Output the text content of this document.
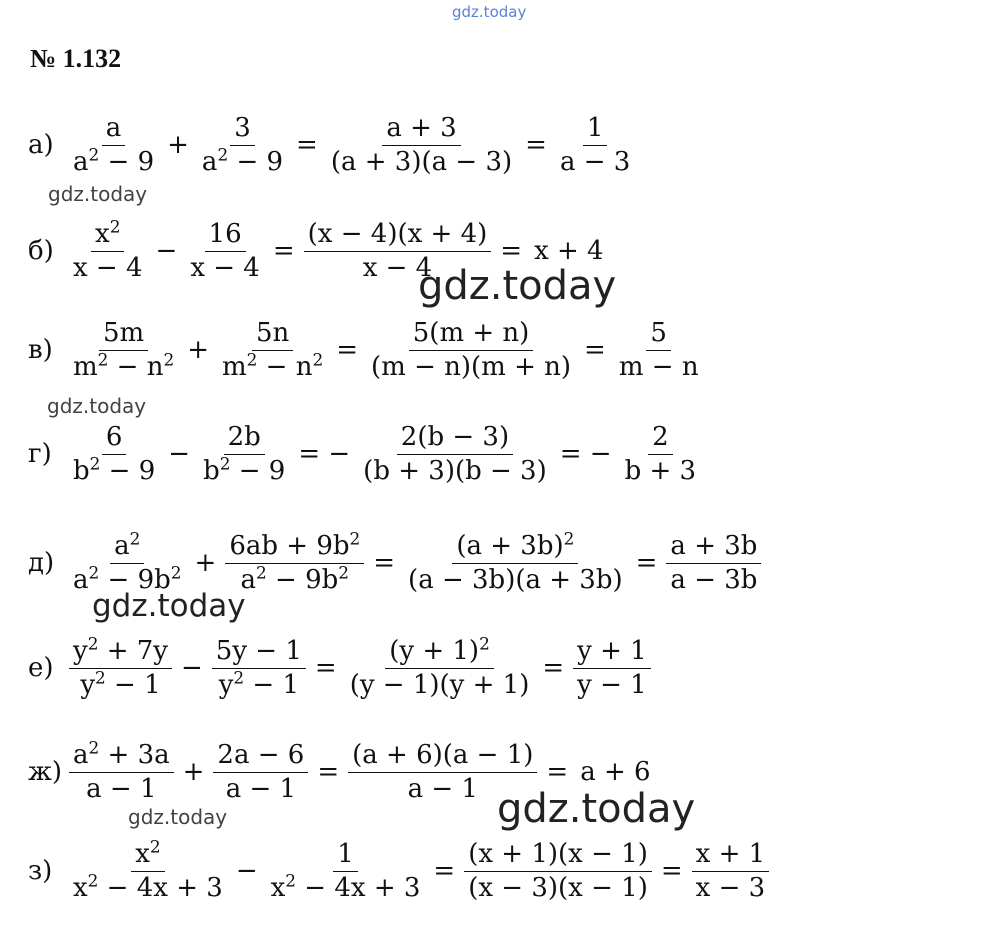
gdz.today
№ 1.132
$а) \frac{a}{a^2 - 9} + \frac{3}{a^2 - 9} = \frac{a + 3}{(a + 3)(a - 3)} = \frac{1}{a - 3}$
gdz.today
$б) \frac{x^2}{x - 4} - \frac{16}{x - 4} = \frac{(x - 4)(x + 4)}{x - 4} = x + 4$
gdz.today
$в) \frac{5m}{m^2 - n^2} + \frac{5n}{m^2 - n^2} = \frac{5(m + n)}{(m - n)(m + n)} = \frac{5}{m - n}$
gdz.today
$г) \frac{6}{b^2 - 9} - \frac{2b}{b^2 - 9}$ = − $\frac{2(b - 3)}{(b + 3)(b - 3)}$ = − $\frac{2}{b + 3}$
$д) \frac{a^2}{a^2 - 9b^2} + \frac{6ab + 9b^2}{a^2 - 9b^2} = \frac{(a + 3b)^2}{(a - 3b)(a + 3b)} = \frac{a + 3b}{a - 3b}$
gdz.today
$е) \frac{y^2 + 7y}{y^2 - 1} - \frac{5y - 1}{y^2 - 1} = \frac{(y + 1)^2}{(y - 1)(y + 1)} = \frac{y + 1}{y - 1}$
$ж) \frac{a^2 + 3a}{a - 1} + \frac{2a - 6}{a - 1} = \frac{(a + 6)(a - 1)}{a - 1} = a + 6$
gdz.today
gdz.today
$з) \frac{x^2}{x^2 - 4x + 3} - \frac{1}{x^2 - 4x + 3} = \frac{(x + 1)(x - 1)}{(x - 3)(x - 1)} = \frac{x + 1}{x - 3}$
